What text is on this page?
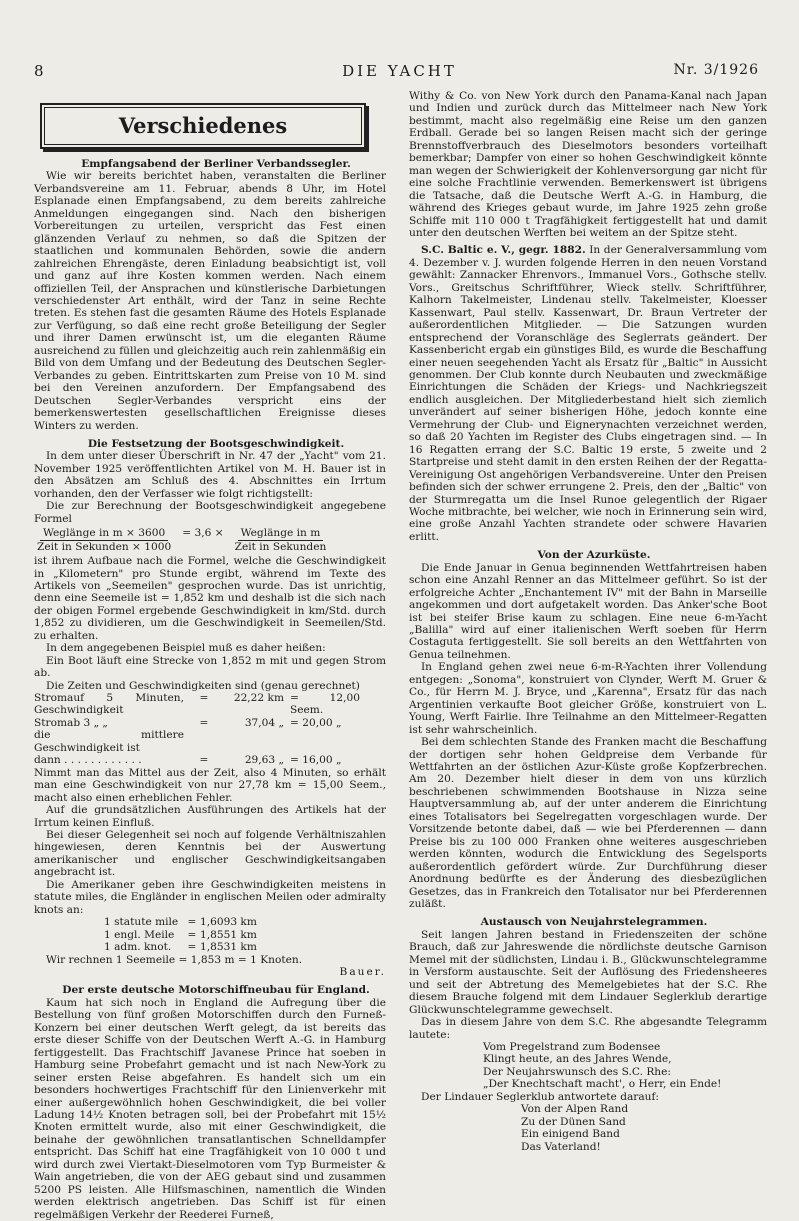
8	DIE YACHT	Nr. 3/1926
Verschiedenes

Empfangsabend der Berliner Verbandssegler.

Wie wir bereits berichtet haben, veranstalten die Berliner Verbandsvereine am 11. Februar, abends 8 Uhr, im Hotel Esplanade einen Empfangsabend, zu dem bereits zahlreiche Anmeldungen eingegangen sind. Nach den bisherigen Vorbereitungen zu urteilen, verspricht das Fest einen glänzenden Verlauf zu nehmen, so daß die Spitzen der staatlichen und kommunalen Behörden, sowie die andern zahlreichen Ehrengäste, deren Einladung beabsichtigt ist, voll und ganz auf ihre Kosten kommen werden. Nach einem offiziellen Teil, der Ansprachen und künstlerische Darbietungen verschiedenster Art enthält, wird der Tanz in seine Rechte treten. Es stehen fast die gesamten Räume des Hotels Esplanade zur Verfügung, so daß eine recht große Beteiligung der Segler und ihrer Damen erwünscht ist, um die eleganten Räume ausreichend zu füllen und gleichzeitig auch rein zahlenmäßig ein Bild von dem Umfang und der Bedeutung des Deutschen Segler-Verbandes zu geben. Eintrittskarten zum Preise von 10 M. sind bei den Vereinen anzufordern. Der Empfangsabend des Deutschen Segler-Verbandes verspricht eins der bemerkenswertesten gesellschaftlichen Ereignisse dieses Winters zu werden.

Die Festsetzung der Bootsgeschwindigkeit.

In dem unter dieser Überschrift in Nr. 47 der „Yacht" vom 21. November 1925 veröffentlichten Artikel von M. H. Bauer ist in den Absätzen am Schluß des 4. Abschnittes ein Irrtum vorhanden, den der Verfasser wie folgt richtigstellt:

Die zur Berechnung der Bootsgeschwindigkeit angegebene Formel

$\frac{\text{Weglänge in m × 3600}}{\text{Zeit in Sekunden × 1000}} = 3,6 \times \frac{\text{Weglänge in m}}{\text{Zeit in Sekunden}}$

ist ihrem Aufbaue nach die Formel, welche die Geschwindigkeit in „Kilometern" pro Stunde ergibt, während im Texte des Artikels von „Seemeilen" gesprochen wurde. Das ist unrichtig, denn eine Seemeile ist = 1,852 km und deshalb ist die sich nach der obigen Formel ergebende Geschwindigkeit in km/Std. durch 1,852 zu dividieren, um die Geschwindigkeit in Seemeilen/Std. zu erhalten.

In dem angegebenen Beispiel muß es daher heißen:

Ein Boot läuft eine Strecke von 1,852 m mit und gegen Strom ab.

Die Zeiten und Geschwindigkeiten sind (genau gerechnet)

Stromauf 5 Minuten, Geschwindigkeit
=	22,22 km = 12,00 Seem.
Stromab 3 „ „	=	37,04 „ = 20,00 „
die mittlere Geschwindigkeit ist
dann . . . . . . . . . . . .	=	29,63 „ = 16,00 „

Nimmt man das Mittel aus der Zeit, also 4 Minuten, so erhält man eine Geschwindigkeit von nur 27,78 km = 15,00 Seem., macht also einen erheblichen Fehler.

Auf die grundsätzlichen Ausführungen des Artikels hat der Irrtum keinen Einfluß.

Bei dieser Gelegenheit sei noch auf folgende Verhältniszahlen hingewiesen, deren Kenntnis bei der Auswertung amerikanischer und englischer Geschwindigkeitsangaben angebracht ist.

Die Amerikaner geben ihre Geschwindigkeiten meistens in statute miles, die Engländer in englischen Meilen oder admiralty knots an:

1 statute mile = 1,6093 km
1 engl. Meile	= 1,8551 km
1 adm. knot.	= 1,8531 km

Wir rechnen 1 Seemeile = 1,853 m = 1 Knoten.

Bauer.

Der erste deutsche Motorschiffneubau für England.

Kaum hat sich noch in England die Aufregung über die Bestellung von fünf großen Motorschiffen durch den Furneß-Konzern bei einer deutschen Werft gelegt, da ist bereits das erste dieser Schiffe von der Deutschen Werft A.-G. in Hamburg fertiggestellt. Das Frachtschiff Javanese Prince hat soeben in Hamburg seine Probefahrt gemacht und ist nach New-York zu seiner ersten Reise abgefahren. Es handelt sich um ein besonders hochwertiges Frachtschiff für den Linienverkehr mit einer außergewöhnlich hohen Geschwindigkeit, die bei voller Ladung 14½ Knoten betragen soll, bei der Probefahrt mit 15½ Knoten ermittelt wurde, also mit einer Geschwindigkeit, die beinahe der gewöhnlichen transatlantischen Schnelldampfer entspricht. Das Schiff hat eine Tragfähigkeit von 10 000 t und wird durch zwei Viertakt-Dieselmotoren vom Typ Burmeister & Wain angetrieben, die von der AEG gebaut sind und zusammen 5200 PS leisten. Alle Hilfsmaschinen, namentlich die Winden werden elektrisch angetrieben. Das Schiff ist für einen regelmäßigen Verkehr der Reederei Furneß,

Withy & Co. von New York durch den Panama-Kanal nach Japan und Indien und zurück durch das Mittelmeer nach New York bestimmt, macht also regelmäßig eine Reise um den ganzen Erdball. Gerade bei so langen Reisen macht sich der geringe Brennstoffverbrauch des Dieselmotors besonders vorteilhaft bemerkbar; Dampfer von einer so hohen Geschwindigkeit könnte man wegen der Schwierigkeit der Kohlenversorgung gar nicht für eine solche Frachtlinie verwenden. Bemerkenswert ist übrigens die Tatsache, daß die Deutsche Werft A.-G. in Hamburg, die während des Krieges gebaut wurde, im Jahre 1925 zehn große Schiffe mit 110 000 t Tragfähigkeit fertiggestellt hat und damit unter den deutschen Werften bei weitem an der Spitze steht.

S.C. Baltic e. V., gegr. 1882. In der Generalversammlung vom 4. Dezember v. J. wurden folgende Herren in den neuen Vorstand gewählt: Zannacker Ehrenvors., Immanuel Vors., Gothsche stellv. Vors., Greitschus Schriftführer, Wieck stellv. Schriftführer, Kalhorn Takelmeister, Lindenau stellv. Takelmeister, Kloesser Kassenwart, Paul stellv. Kassenwart, Dr. Braun Vertreter der außerordentlichen Mitglieder. — Die Satzungen wurden entsprechend der Voranschläge des Seglerrats geändert. Der Kassenbericht ergab ein günstiges Bild, es wurde die Beschaffung einer neuen seegehenden Yacht als Ersatz für „Baltic" in Aussicht genommen. Der Club konnte durch Neubauten und zweckmäßige Einrichtungen die Schäden der Kriegs- und Nachkriegszeit endlich ausgleichen. Der Mitgliederbestand hielt sich ziemlich unverändert auf seiner bisherigen Höhe, jedoch konnte eine Vermehrung der Club- und Eignerynachten verzeichnet werden, so daß 20 Yachten im Register des Clubs eingetragen sind. — In 16 Regatten errang der S.C. Baltic 19 erste, 5 zweite und 2 Startpreise und steht damit in den ersten Reihen der der Regatta-Vereinigung Ost angehörigen Verbandsvereine. Unter den Preisen befinden sich der schwer errungene 2. Preis, den der „Baltic" von der Sturmregatta um die Insel Runoe gelegentlich der Rigaer Woche mitbrachte, bei welcher, wie noch in Erinnerung sein wird, eine große Anzahl Yachten strandete oder schwere Havarien erlitt.

Von der Azurküste.

Die Ende Januar in Genua beginnenden Wettfahrtreisen haben schon eine Anzahl Renner an das Mittelmeer geführt. So ist der erfolgreiche Achter „Enchantement IV" mit der Bahn in Marseille angekommen und dort aufgetakelt worden. Das Anker'sche Boot ist bei steifer Brise kaum zu schlagen. Eine neue 6-m-Yacht „Balilla" wird auf einer italienischen Werft soeben für Herrn Costaguta fertiggestellt. Sie soll bereits an den Wettfahrten von Genua teilnehmen.

In England gehen zwei neue 6-m-R-Yachten ihrer Vollendung entgegen: „Sonoma", konstruiert von Clynder, Werft M. Gruer & Co., für Herrn M. J. Bryce, und „Karenna", Ersatz für das nach Argentinien verkaufte Boot gleicher Größe, konstruiert von L. Young, Werft Fairlie. Ihre Teilnahme an den Mittelmeer-Regatten ist sehr wahrscheinlich.

Bei dem schlechten Stande des Franken macht die Beschaffung der dortigen sehr hohen Geldpreise dem Verbande für Wettfahrten an der östlichen Azur-Küste große Kopfzerbrechen. Am 20. Dezember hielt dieser in dem von uns kürzlich beschriebenen schwimmenden Bootshause in Nizza seine Hauptversammlung ab, auf der unter anderem die Einrichtung eines Totalisators bei Segelregatten vorgeschlagen wurde. Der Vorsitzende betonte dabei, daß — wie bei Pferderennen — dann Preise bis zu 100 000 Franken ohne weiteres ausgeschrieben werden könnten, wodurch die Entwicklung des Segelsports außerordentlich gefördert würde. Zur Durchführung dieser Anordnung bedürfte es der Änderung des diesbezüglichen Gesetzes, das in Frankreich den Totalisator nur bei Pferderennen zuläßt.

Austausch von Neujahrstelegrammen.

Seit langen Jahren bestand in Friedenszeiten der schöne Brauch, daß zur Jahreswende die nördlichste deutsche Garnison Memel mit der südlichsten, Lindau i. B., Glückwunschtelegramme in Versform austauschte. Seit der Auflösung des Friedensheeres und seit der Abtretung des Memelgebietes hat der S.C. Rhe diesem Brauche folgend mit dem Lindauer Seglerklub derartige Glückwunschtelegramme gewechselt.

Das in diesem Jahre von dem S.C. Rhe abgesandte Telegramm lautete:

Vom Pregelstrand zum Bodensee

Klingt heute, an des Jahres Wende,

Der Neujahrswunsch des S.C. Rhe:

„Der Knechtschaft macht', o Herr, ein Ende!

Der Lindauer Seglerklub antwortete darauf:

Von der Alpen Rand

Zu der Dünen Sand

Ein einigend Band

Das Vaterland!
